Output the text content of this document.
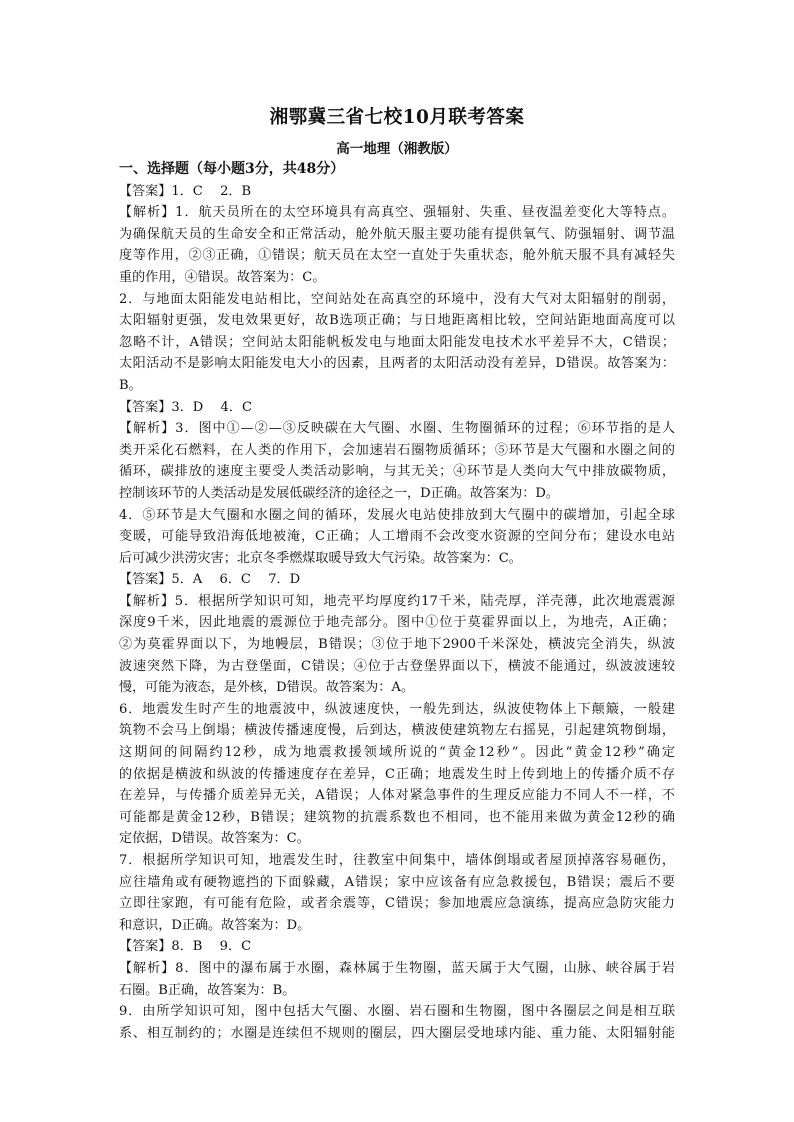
湘鄂冀三省七校10月联考答案
高一地理（湘教版）
一、选择题（每小题3分，共48分）
【答案】1．C　 2．B
【解析】1．航天员所在的太空环境具有高真空、强辐射、失重、昼夜温差变化大等特点。
为确保航天员的生命安全和正常活动，舱外航天服主要功能有提供氧气、防强辐射、调节温
度等作用，②③正确，①错误；航天员在太空一直处于失重状态，舱外航天服不具有减轻失
重的作用，④错误。故答案为：C。
2．与地面太阳能发电站相比，空间站处在高真空的环境中，没有大气对太阳辐射的削弱，
太阳辐射更强，发电效果更好，故B选项正确；与日地距离相比较，空间站距地面高度可以
忽略不计，A错误；空间站太阳能帆板发电与地面太阳能发电技术水平差异不大，C错误；
太阳活动不是影响太阳能发电大小的因素，且两者的太阳活动没有差异，D错误。故答案为：
B。
【答案】3．D　 4．C
【解析】3．图中①—②—③反映碳在大气圈、水圈、生物圈循环的过程；⑥环节指的是人
类开采化石燃料，在人类的作用下，会加速岩石圈物质循环；⑤环节是大气圈和水圈之间的
循环，碳排放的速度主要受人类活动影响，与其无关；④环节是人类向大气中排放碳物质，
控制该环节的人类活动是发展低碳经济的途径之一，D正确。故答案为：D。
4．⑤环节是大气圈和水圈之间的循环，发展火电站使排放到大气圈中的碳增加，引起全球
变暖，可能导致沿海低地被淹，C正确；人工增雨不会改变水资源的空间分布；建设水电站
后可减少洪涝灾害；北京冬季燃煤取暖导致大气污染。故答案为：C。
【答案】5．A　 6．C　 7．D
【解析】5．根据所学知识可知，地壳平均厚度约17千米，陆壳厚，洋壳薄，此次地震震源
深度9千米，因此地震的震源位于地壳部分。图中①位于莫霍界面以上，为地壳，A正确；
②为莫霍界面以下，为地幔层，B错误；③位于地下2900千米深处，横波完全消失，纵波
波速突然下降，为古登堡面，C错误；④位于古登堡界面以下，横波不能通过，纵波波速较
慢，可能为液态，是外核，D错误。故答案为：A。
6．地震发生时产生的地震波中，纵波速度快，一般先到达，纵波使物体上下颠簸，一般建
筑物不会马上倒塌；横波传播速度慢，后到达，横波使建筑物左右摇晃，引起建筑物倒塌，
这期间的间隔约12秒，成为地震救援领域所说的“黄金12秒”。因此“黄金12秒”确定
的依据是横波和纵波的传播速度存在差异，C正确；地震发生时上传到地上的传播介质不存
在差异，与传播介质差异无关，A错误；人体对紧急事件的生理反应能力不同人不一样，不
可能都是黄金12秒，B错误；建筑物的抗震系数也不相同，也不能用来做为黄金12秒的确
定依据，D错误。故答案为：C。
7．根据所学知识可知，地震发生时，往教室中间集中，墙体倒塌或者屋顶掉落容易砸伤，
应往墙角或有硬物遮挡的下面躲藏，A错误；家中应该备有应急救援包，B错误；震后不要
立即往家跑，有可能有危险，或者余震等，C错误；参加地震应急演练，提高应急防灾能力
和意识，D正确。故答案为：D。
【答案】8．B　 9．C
【解析】8．图中的瀑布属于水圈，森林属于生物圈，蓝天属于大气圈，山脉、峡谷属于岩
石圈。B正确，故答案为：B。
9．由所学知识可知，图中包括大气圈、水圈、岩石圈和生物圈，图中各圈层之间是相互联
系、相互制约的；水圈是连续但不规则的圈层，四大圈层受地球内能、重力能、太阳辐射能
